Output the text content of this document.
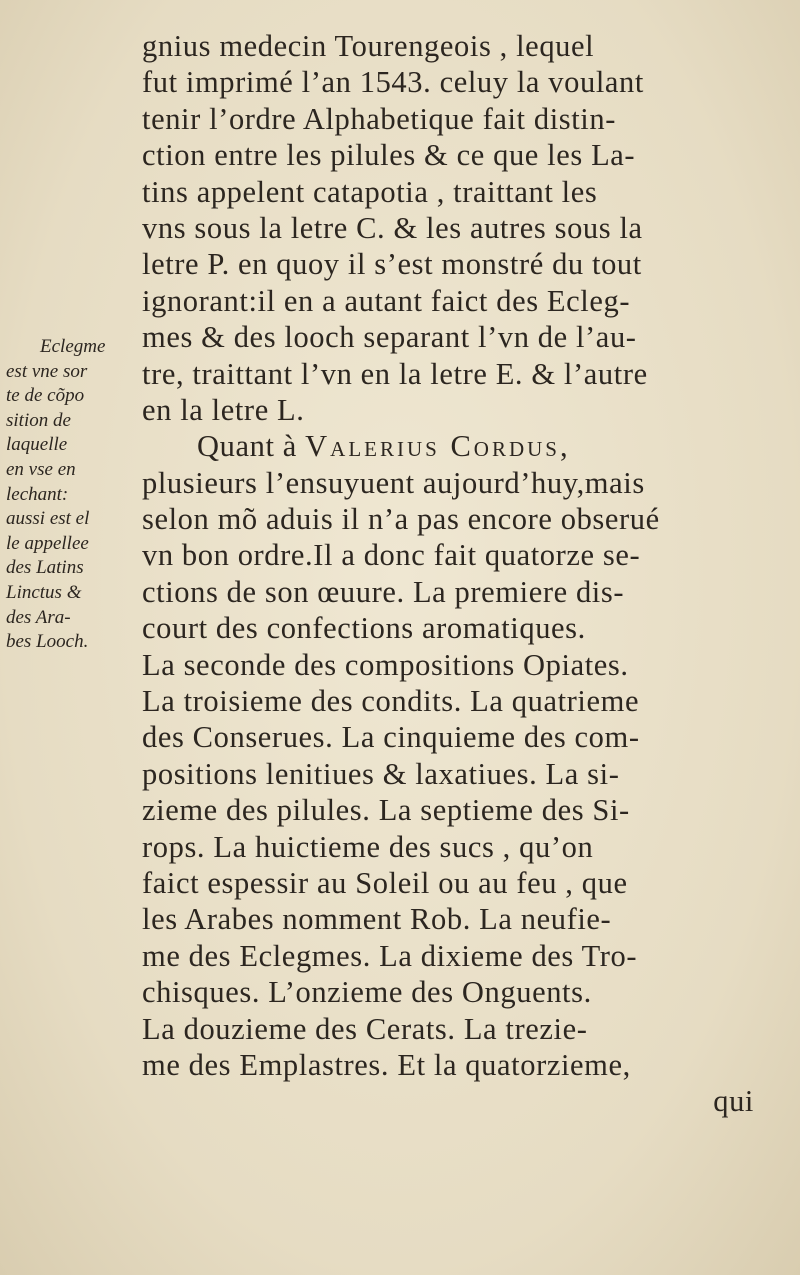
gnius medecin Tourengeois , lequel
fut imprimé l’an 1543. celuy la voulant
tenir l’ordre Alphabetique fait distin-
ction entre les pilules & ce que les La-
tins appelent catapotia , traittant les
vns sous la letre C. & les autres sous la
letre P. en quoy il s’est monstré du tout
ignorant:il en a autant faict des Ecleg-
mes & des looch separant l’vn de l’au-
tre, traittant l’vn en la letre E. & l’autre
en la letre L.
Quant à Valerius Cordus,
plusieurs l’ensuyuent aujourd’huy,mais
selon mõ aduis il n’a pas encore obserué
vn bon ordre.Il a donc fait quatorze se-
ctions de son œuure. La premiere dis-
court des confections aromatiques.
La seconde des compositions Opiates.
La troisieme des condits. La quatrieme
des Conserues. La cinquieme des com-
positions lenitiues & laxatiues. La si-
zieme des pilules. La septieme des Si-
rops. La huictieme des sucs , qu’on
faict espessir au Soleil ou au feu , que
les Arabes nomment Rob. La neufie-
me des Eclegmes. La dixieme des Tro-
chisques. L’onzieme des Onguents.
La douzieme des Cerats. La trezie-
me des Emplastres. Et la quatorzieme,
qui
Eclegme
est vne sor
te de cõpo
sition de
laquelle
en vse en
lechant:
aussi est el
le appellee
des Latins
Linctus &
des Ara-
bes Looch.
